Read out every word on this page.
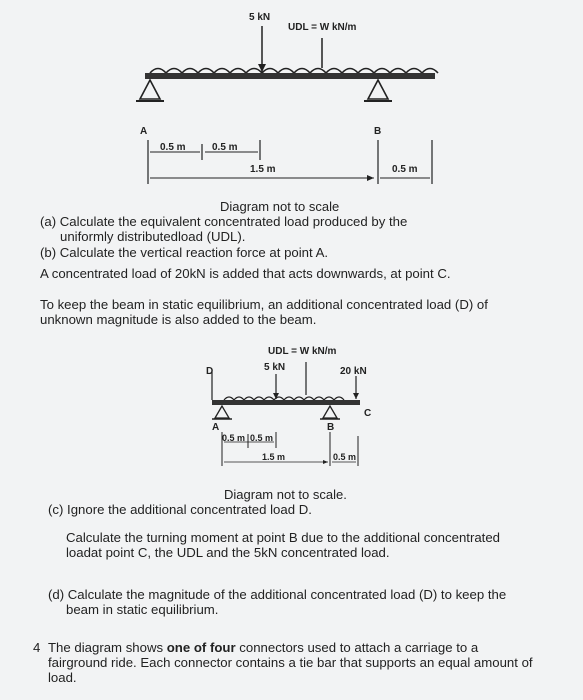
5 kN
UDL = W kN/m
A	B
0.5 m	0.5 m
1.5 m	0.5 m
Diagram not to scale
(a) Calculate the equivalent concentrated load produced by the
uniformly distributedload (UDL).
(b) Calculate the vertical reaction force at point A.
A concentrated load of 20kN is added that acts downwards, at point C.
To keep the beam in static equilibrium, an additional concentrated load (D) of
unknown magnitude is also added to the beam.
UDL = W kN/m
5 kN	20 kN
D
A	B
C
0.5 m 0.5 m
1.5 m	0.5 m
Diagram not to scale.
(c) Ignore the additional concentrated load D.
Calculate the turning moment at point B due to the additional concentrated
loadat point C, the UDL and the 5kN concentrated load.
(d) Calculate the magnitude of the additional concentrated load (D) to keep the
beam in static equilibrium.
4 The diagram shows one of four connectors used to attach a carriage to a
fairground ride. Each connector contains a tie bar that supports an equal amount of
load.
